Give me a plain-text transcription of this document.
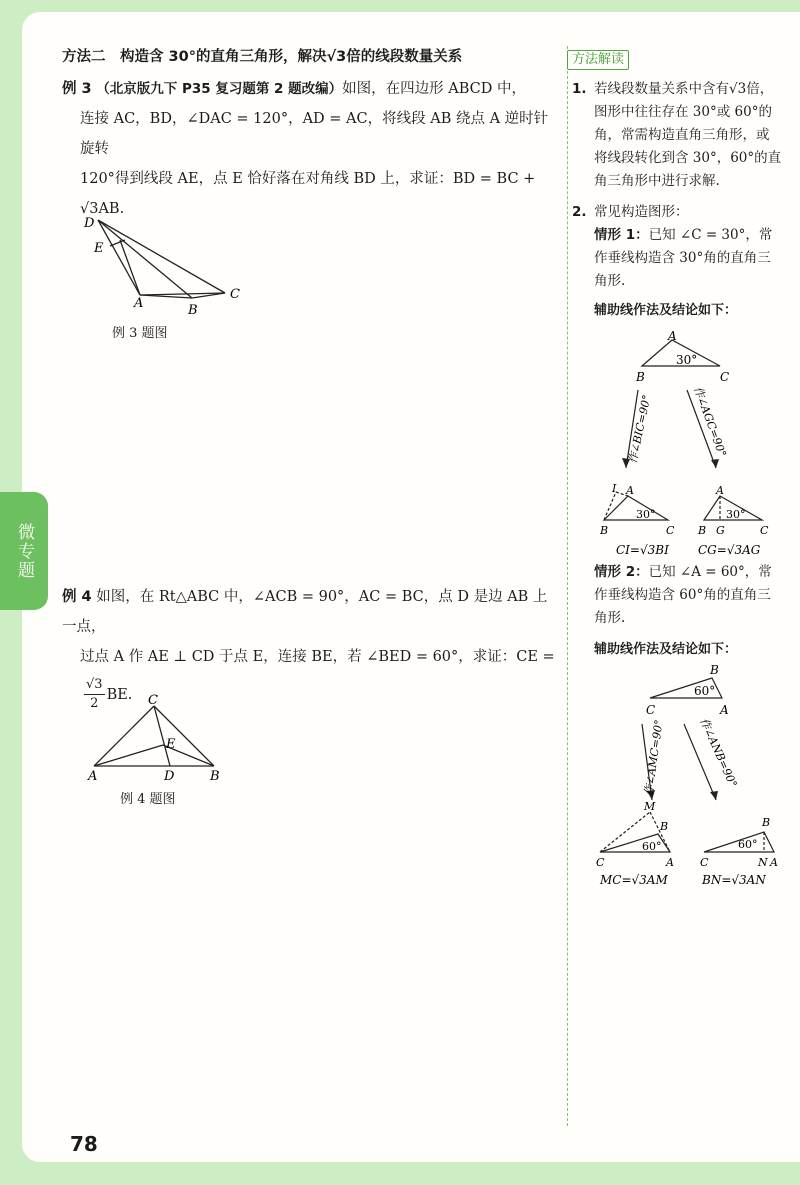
微专题
方法二　构造含 30°的直角三角形，解决√3倍的线段数量关系
例 3 （北京版九下 P35 复习题第 2 题改编）如图，在四边形 ABCD 中，
连接 AC，BD，∠DAC = 120°，AD = AC，将线段 AB 绕点 A 逆时针旋转
120°得到线段 AE，点 E 恰好落在对角线 BD 上，求证：BD = BC +
√3AB.
D
E
A	B
C
例 3 题图
例 4 如图，在 Rt△ABC 中，∠ACB = 90°，AC = BC，点 D 是边 AB 上一点，
过点 A 作 AE ⊥ CD 于点 E，连接 BE，若 ∠BED = 60°，求证：CE =
$\frac{√3}{2}$ BE. C
E
A	D	B
例 4 题图
方法解读
1. 若线段数量关系中含有√3倍，图形中往往存在 30°或 60°的角，常需构造直角三角形，或将线段转化到含 30°，60°的直角三角形中进行求解.
2. 常见构造图形：
情形 1：已知 ∠C = 30°，常作垂线构造含 30°角的直角三角形.
辅助线作法及结论如下：
A
B	C
30°
作∠BIC=90°	作∠AGC=90°
I A
B	C
30°
A
B G	C
30°
CI=√3BI CG=√3AG
情形 2：已知 ∠A = 60°，常作垂线构造含 60°角的直角三角形.
辅助线作法及结论如下：
B
C	A
60°
作∠AMC=90°	作∠ANB=90°
M
B
C	A
60°
B
C	N A
60°
MC=√3AM	BN=√3AN
78
